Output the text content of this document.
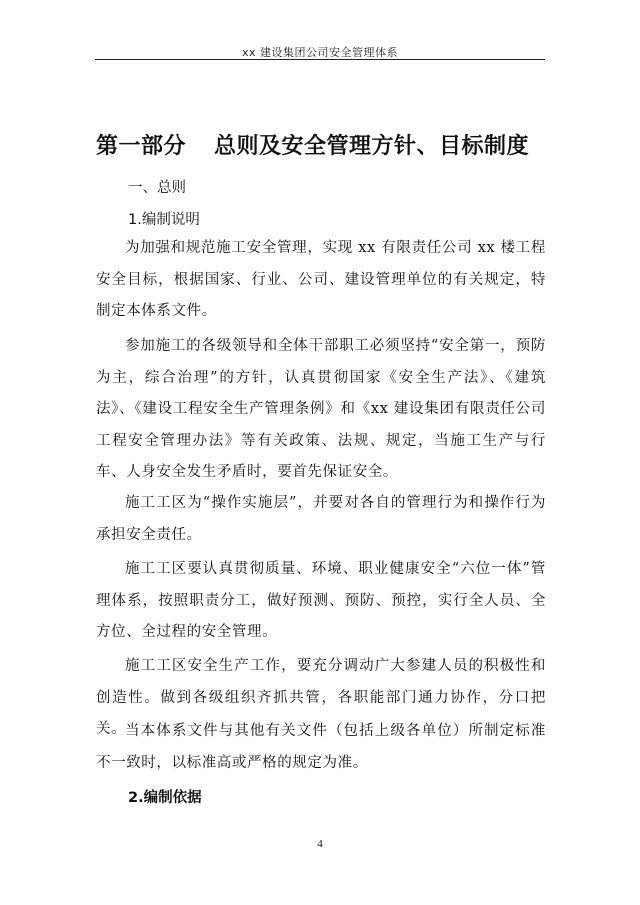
xx 建设集团公司安全管理体系
第一部分 总则及安全管理方针、目标制度
一、总则
1.编制说明
为加强和规范施工安全管理，实现 xx 有限责任公司 xx 楼工程安全目标，根据国家、行业、公司、建设管理单位的有关规定，特制定本体系文件。
参加施工的各级领导和全体干部职工必须坚持“安全第一，预防为主，综合治理”的方针，认真贯彻国家《安全生产法》、《建筑法》、《建设工程安全生产管理条例》和《xx 建设集团有限责任公司工程安全管理办法》等有关政策、法规、规定，当施工生产与行车、人身安全发生矛盾时，要首先保证安全。
施工工区为“操作实施层”，并要对各自的管理行为和操作行为承担安全责任。
施工工区要认真贯彻质量、环境、职业健康安全“六位一体”管理体系，按照职责分工，做好预测、预防、预控，实行全人员、全方位、全过程的安全管理。
施工工区安全生产工作，要充分调动广大参建人员的积极性和创造性。做到各级组织齐抓共管，各职能部门通力协作，分口把关。
当本体系文件与其他有关文件（包括上级各单位）所制定标准不一致时，以标准高或严格的规定为准。
2.编制依据
4
